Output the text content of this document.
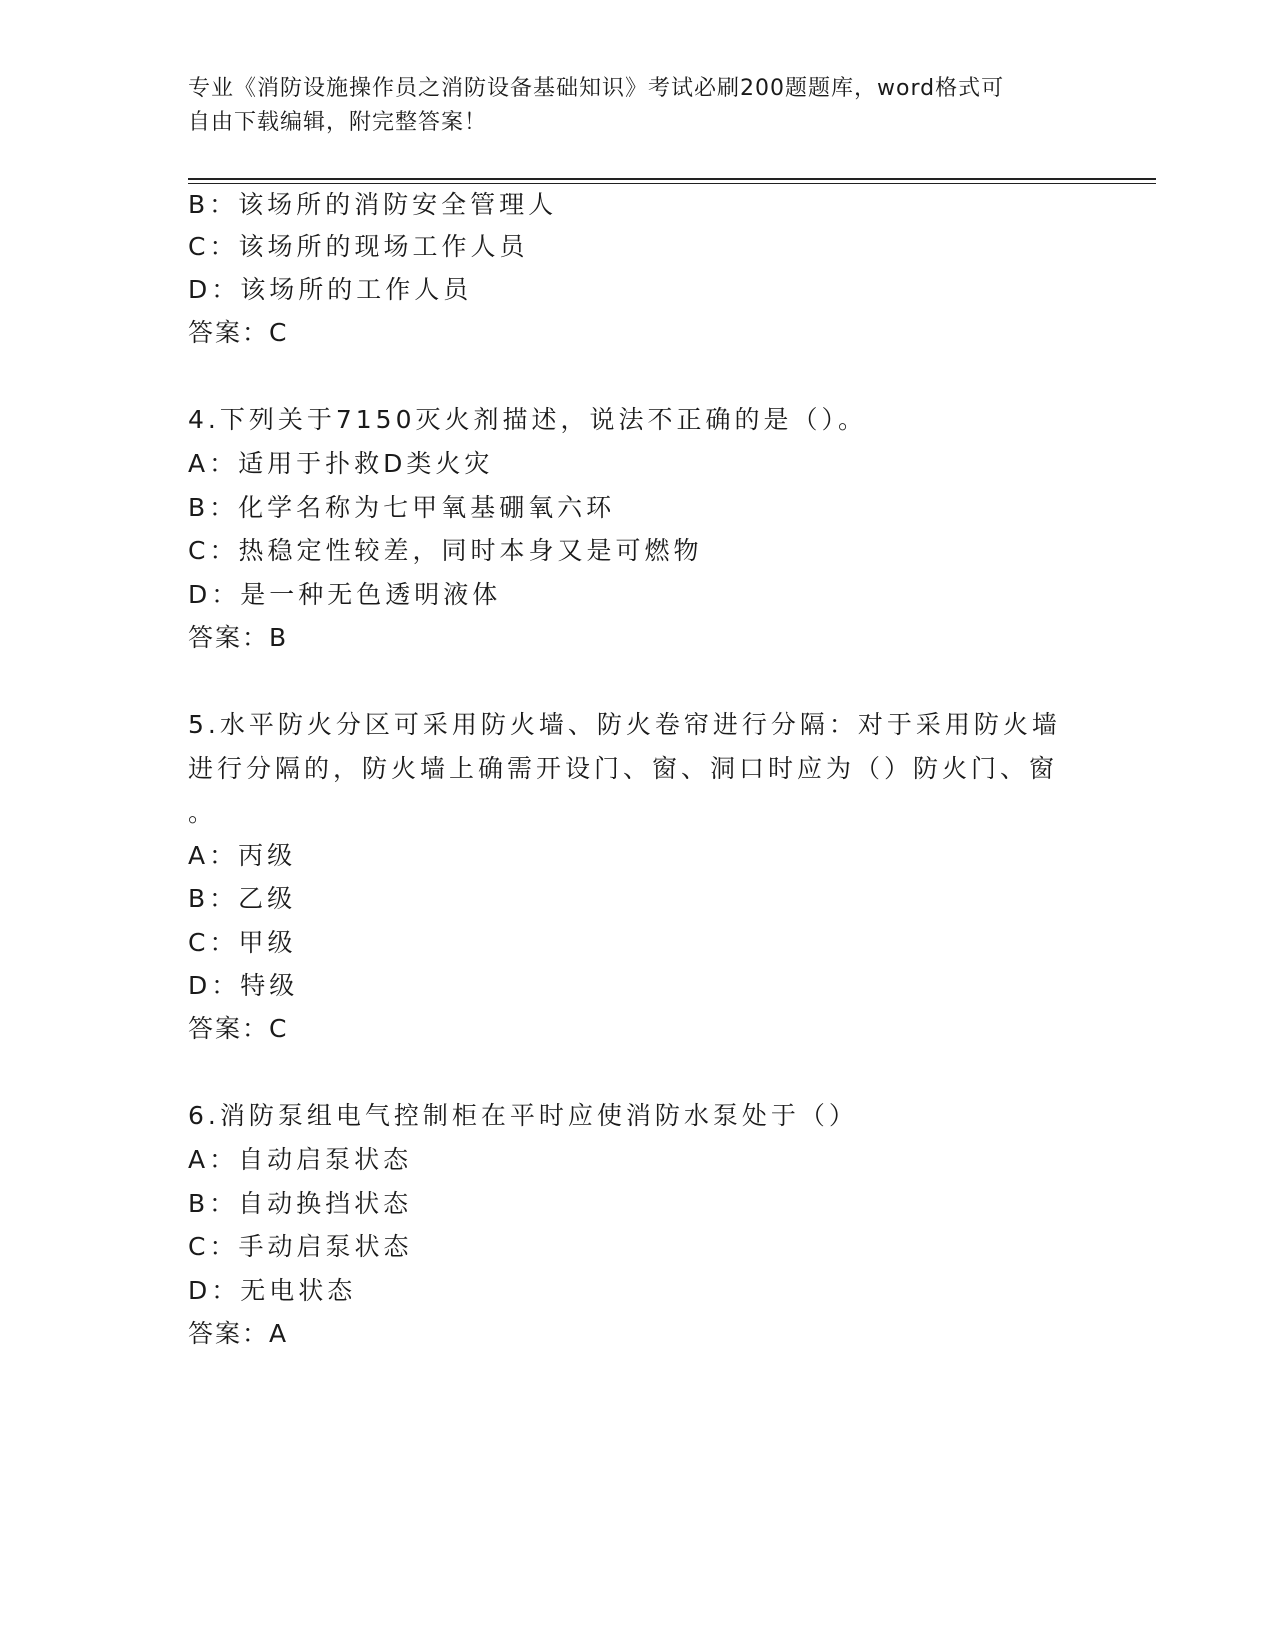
专业《消防设施操作员之消防设备基础知识》考试必刷200题题库，word格式可
自由下载编辑，附完整答案！
B：该场所的消防安全管理人
C：该场所的现场工作人员
D：该场所的工作人员
答案：C
4.下列关于7150灭火剂描述，说法不正确的是（）。
A：适用于扑救D类火灾
B：化学名称为七甲氧基硼氧六环
C：热稳定性较差，同时本身又是可燃物
D：是一种无色透明液体
答案：B
5.水平防火分区可采用防火墙、防火卷帘进行分隔：对于采用防火墙
进行分隔的，防火墙上确需开设门、窗、洞口时应为（）防火门、窗
。
A：丙级
B：乙级
C：甲级
D：特级
答案：C
6.消防泵组电气控制柜在平时应使消防水泵处于（）
A：自动启泵状态
B：自动换挡状态
C：手动启泵状态
D：无电状态
答案：A
